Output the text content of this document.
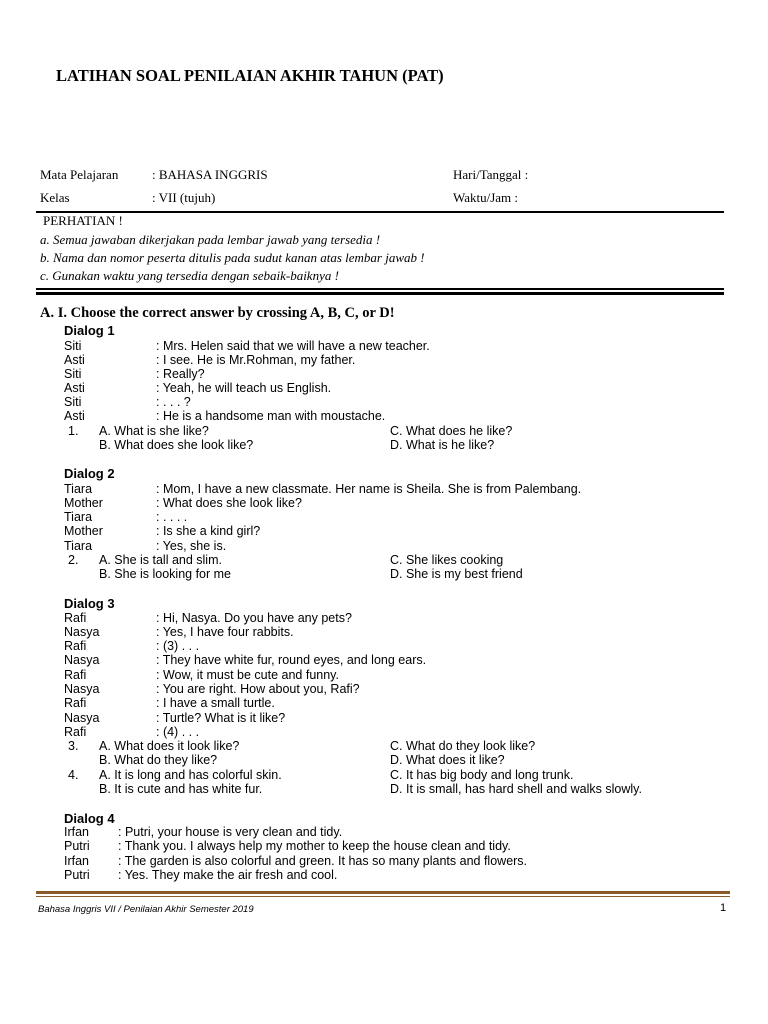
LATIHAN SOAL PENILAIAN AKHIR TAHUN (PAT)
Mata Pelajaran	: BAHASA INGGRIS	Hari/Tanggal :
Kelas	: VII (tujuh)	Waktu/Jam :
PERHATIAN !
a. Semua jawaban dikerjakan pada lembar jawab yang tersedia !
b. Nama dan nomor peserta ditulis pada sudut kanan atas lembar jawab !
c. Gunakan waktu yang tersedia dengan sebaik-baiknya !
A. I. Choose the correct answer by crossing A, B, C, or D!
Dialog 1
Siti	: Mrs. Helen said that we will have a new teacher.
Asti	: I see. He is Mr.Rohman, my father.
Siti	: Really?
Asti	: Yeah, he will teach us English.
Siti	: . . . ?
Asti	: He is a handsome man with moustache.
1. A. What is she like?	C. What does he like?
B. What does she look like?	D. What is he like?
Dialog 2
Tiara	: Mom, I have a new classmate. Her name is Sheila. She is from Palembang.
Mother	: What does she look like?
Tiara	: . . . .
Mother	: Is she a kind girl?
Tiara	: Yes, she is.
2. A. She is tall and slim.	C. She likes cooking
B. She is looking for me	D. She is my best friend
Dialog 3
Rafi	: Hi, Nasya. Do you have any pets?
Nasya	: Yes, I have four rabbits.
Rafi	: (3) . . .
Nasya	: They have white fur, round eyes, and long ears.
Rafi	: Wow, it must be cute and funny.
Nasya	: You are right. How about you, Rafi?
Rafi	: I have a small turtle.
Nasya	: Turtle? What is it like?
Rafi	: (4) . . .
3. A. What does it look like?	C. What do they look like?
B. What do they like?	D. What does it like?
4. A. It is long and has colorful skin.	C. It has big body and long trunk.
B. It is cute and has white fur.	D. It is small, has hard shell and walks slowly.
Dialog 4
Irfan : Putri, your house is very clean and tidy.
Putri : Thank you. I always help my mother to keep the house clean and tidy.
Irfan : The garden is also colorful and green. It has so many plants and flowers.
Putri : Yes. They make the air fresh and cool.
Bahasa Inggris VII / Penilaian Akhir Semester 2019	1
